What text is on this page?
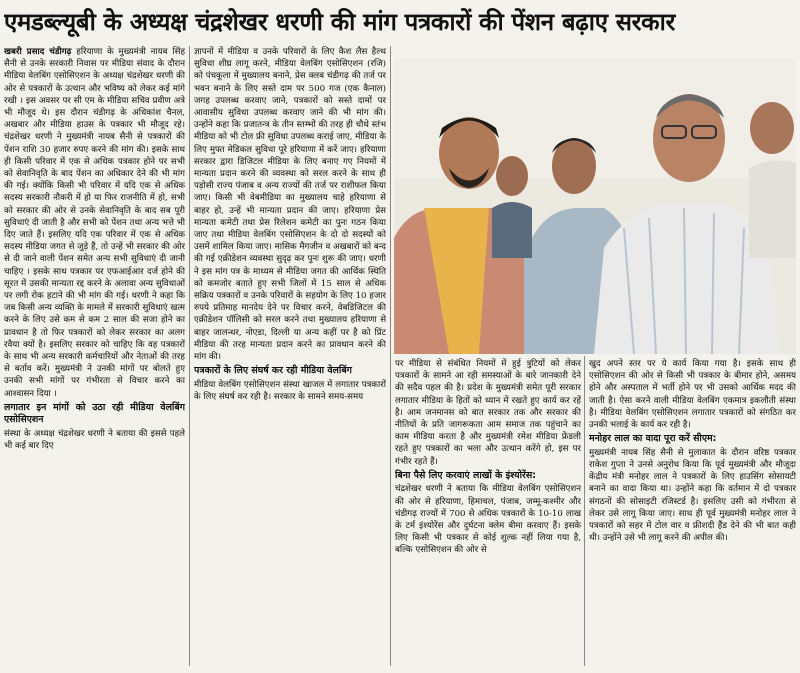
एमडब्ल्यूबी के अध्यक्ष चंद्रशेखर धरणी की मांग पत्रकारों की पेंशन बढ़ाए सरकार

खबरी प्रसाद चंडीगढ़ हरियाणा के मुख्यमंत्री नायब सिंह सैनी से उनके सरकारी निवास पर मीडिया संवाद के दौरान मीडिया वेलबिंग एसोसिएशन के अध्यक्ष चंद्रशेखर धरणी की ओर से पत्रकारों के उत्थान और भविष्य को लेकर कई मांगे रखी । इस अवसर पर सी एम के मीडिया सचिव प्रवीण अत्रे भी मौजूद थे। इस दौरान चंडीगढ़ के अधिकांश चैनल, अखबार और मीडिया हाउस के पत्रकार भी मौजूद रहे। चंद्रशेखर धरणी ने मुख्यमंत्री नायब सैनी से पत्रकारों की पेंशन राशि 30 हजार रुपए करने की मांग की। इसके साथ ही किसी परिवार में एक से अधिक पत्रकार होने पर सभी को सेवानिवृति के बाद पेंशन का अधिकार देने की भी मांग की गई। क्योंकि किसी भी परिवार में यदि एक से अधिक सदस्य सरकारी नौकरी में हो या फिर राजनीति में हो, सभी को सरकार की ओर से उनके सेवानिवृति के बाद सब पूरी सुविधाएं दी जाती है और सभी को पेंशन तथा अन्य भत्ते भी दिए जाते हैं। इसलिए यदि एक परिवार में एक से अधिक सदस्य मीडिया जगत से जुड़े हैं, तो उन्हें भी सरकार की ओर से दी जाने वाली पेंशन समेत अन्य सभी सुविधाएं दी जानी चाहिए । इसके साथ पत्रकार पर एफआईआर दर्ज होने की सूरत में उसकी मान्यता रद्द करने के अलावा अन्य सुविधाओं पर लगी रोक हटाने की भी मांग की गई। धरणी ने कहा कि जब किसी अन्य व्यक्ति के मामले में सरकारी सुविधाएं खत्म करने के लिए उसे कम से कम 2 साल की सजा होने का प्रावधान है तो फिर पत्रकारों को लेकर सरकार का अलग रवैया क्यों है। इसलिए सरकार को चाहिए कि वह पत्रकारों के साथ भी अन्य सरकारी कर्मचारियों और नेताओं की तरह से बर्ताव करें। मुख्यमंत्री ने उनकी मांगों पर बोलते हुए उनकी सभी मांगों पर गंभीरता से विचार करने का आश्वासन दिया ।

लगातार इन मांगों को उठा रही मीडिया वेलबिंग एसोसिएशन

संस्था के अध्यक्ष चंद्रशेखर धरणी ने बताया की इससे पहले भी कई बार दिए

ज्ञापनों में मीडिया व उनके परिवारों के लिए कैश लैस हैल्थ सुविधा शीघ्र लागू करने, मीडिया वेलबिंग एसोसिएशन (रजि) को पंचकूला में मुख्यालय बनाने, प्रेस क्लब चंडीगढ़ की तर्ज पर भवन बनाने के लिए सस्ते दाम पर 500 गज (एक कैनाल) जगह उपलब्ध करवाए जाने, पत्रकारों को सस्ते दामों पर आवासीय सुविधा उपलब्ध करवाए जाने की भी मांग की। उन्होंने कहा कि प्रजातन्त्र के तीन स्तम्भों की तरह ही चौथे स्तंभ मीडिया को भी टोल फ्री सुविधा उपलब्ध कराई जाए, मीडिया के लिए मुफ्त मेडिकल सुविधा पूरे हरियाणा में करें जाए। हरियाणा सरकार द्वारा डिजिटल मीडिया के लिए बनाए गए नियमों में मान्यता प्रदान करने की व्यवस्था को सरल करने के साथ ही पड़ोसी राज्य पंजाब व अन्य राज्यों की तर्ज पर राशीफल किया जाए। किसी भी वेबमीडिया का मुख्यालय चाहे हरियाणा से बाहर हो, उन्हें भी मान्यता प्रदान की जाए। हरियाणा प्रेस मान्यता कमेटी तथा प्रेस रिलेशन कमेटी का पुनः गठन किया जाए तथा मीडिया वेलबिंग एसोसिएशन के दो दो सदस्यों को उसमें शामिल किया जाए। मासिक मैगजीन व अखबारों को बन्द की गई एक्रीडेशन व्यवस्था सुदृढ़ कर पुनः शुरू की जाए। धरणी ने इस मांग पत्र के माध्यम से मीडिया जगत की आर्थिक स्थिति को कमजोर बताते हुए सभी जिलों में 15 साल से अधिक सक्रिय पत्रकारों व उनके परिवारों के सहयोग के लिए 10 हजार रुपये प्रतिमाह मानदेय देने पर विचार करने, वेबडिजिटल की एक्रीडेशन पॉलिसी को सरल करने तथा मुख्यालय हरियाणा से बाहर जालन्धर, नोएडा, दिल्ली या अन्य कहीं पर है को प्रिंट मीडिया की तरह मान्यता प्रदान करने का प्रावधान करने की मांग की।

पत्रकारों के लिए संघर्ष कर रही मीडिया वेलबिंग

मीडिया वेलबिंग एसोसिएशन संस्था खाजल में लगातार पत्रकारों के लिए संघर्ष कर रही है। सरकार के सामने समय-समय

पर मीडिया से संबंधित नियमों में हुई त्रुटियों को लेकर पत्रकारों के सामने आ रही समस्याओं के बारे जानकारी देने की सदैव पहल की है। प्रदेश के मुख्यमंत्री समेत पूरी सरकार लगातार मीडिया के हितों को ध्यान में रखते हुए कार्य कर रहें है। आम जनमानस को बात सरकार तक और सरकार की नीतियों के प्रति जागरूकता आम समाज तक पहुंचाने का काम मीडिया करता है और मुख्यमंत्री रमेश मीडिया फ्रेंडली रहते हुए पत्रकारों का भला और उत्थान करेंगे हो, इस पर गंभीर रहते हैं।

बिना पैसे लिए करवाएं लाखों के इंश्योरेंस:

चंद्रशेखर धरणी ने बताया कि मीडिया वेलबिंग एसोसिएशन की ओर से हरियाणा, हिमाचल, पंजाब, जम्मू-कश्मीर और चंडीगढ़ राज्यों में 700 से अधिक पत्रकारों के 10-10 लाख के टर्म इंश्योरेंस और दुर्घटना क्लेम बीमा करवाए हैं। इसके लिए किसी भी पत्रकार से कोई शुल्क नहीं लिया गया है, बल्कि एसोसिएशन की ओर से

खुद अपने स्तर पर ये कार्य किया गया है। इसके साथ ही एसोसिएशन की ओर से किसी भी पत्रकार के बीमार होने, असमय होने और अस्पताल में भर्ती होने पर भी उसको आर्थिक मदद की जाती है। ऐसा करने वाली मीडिया वेलबिंग एकमात्र इकलौती संस्था है। मीडिया वेलबिंग एसोसिएशन लगातार पत्रकारों को संगठित कर उनकी भलाई के कार्य कर रही है।

मनोहर लाल का वादा पूरा करें सीएम:

मुख्यमंत्री नायब सिंह सैनी से मुलाकात के दौरान वरिष्ठ पत्रकार राकेश गुप्ता ने उनसे अनुरोध किया कि पूर्व मुख्यमंत्री और मौजूदा केंद्रीय मंत्री मनोहर लाल ने पत्रकारों के लिए हाउसिंग सोसायटी बनाने का वादा किया था। उन्होंने कहा कि वर्तमान में दो पत्रकार संगठनों की सोसाइटी रजिस्टर्ड है। इसलिए उसी को गंभीरता से लेकर उसे लागू किया जाए। साथ ही पूर्व मुख्यमंत्री मनोहर लाल ने पत्रकारों को सहर में टोल वार व फ्रीशदी हैंड देने की भी बात कही थी। उन्होंने उसे भी लागू करने की अपील की।
